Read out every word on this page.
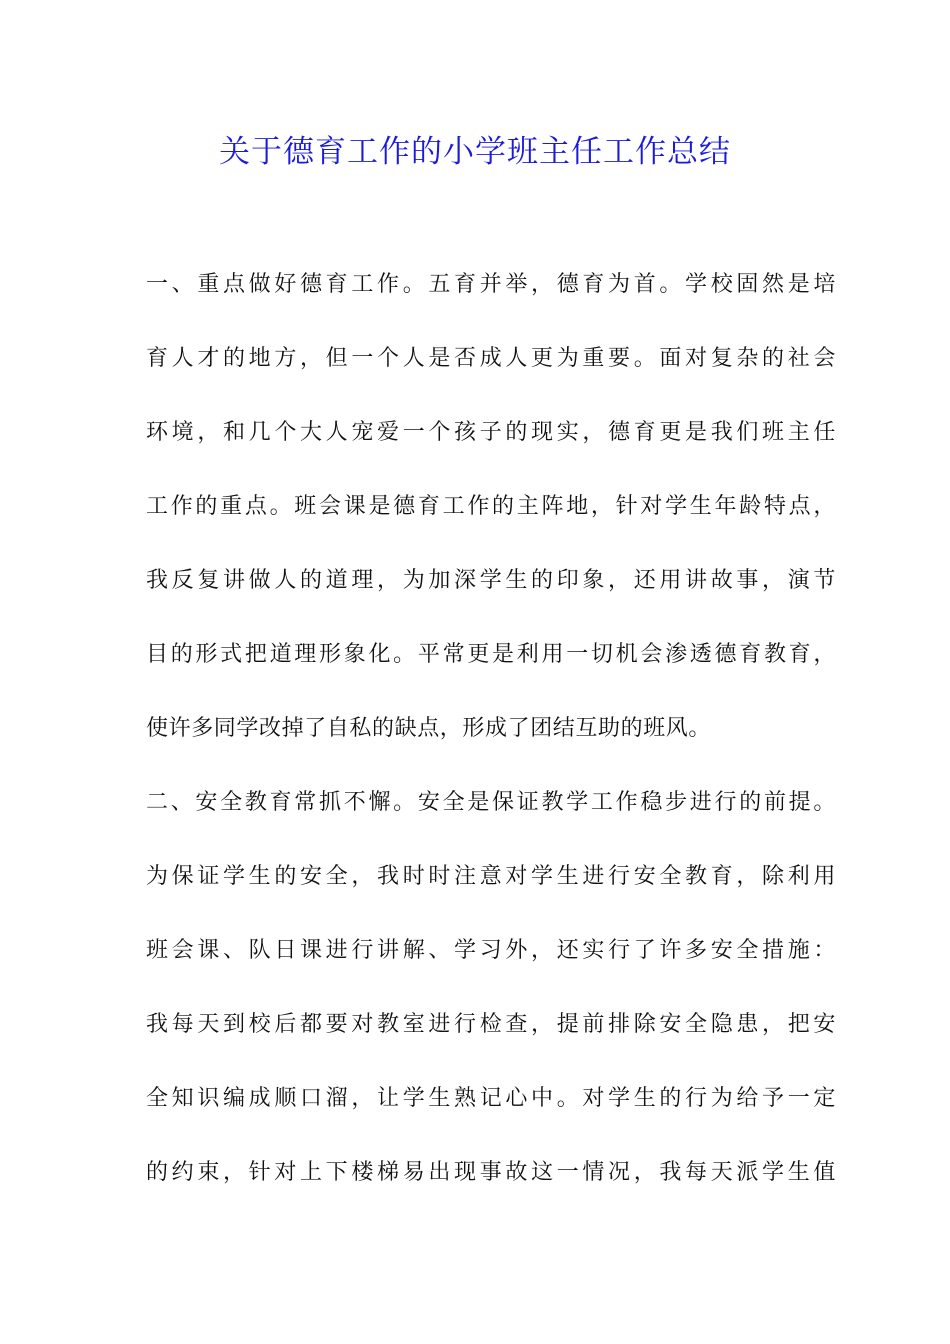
关于德育工作的小学班主任工作总结
一、重点做好德育工作。五育并举，德育为首。学校固然是培
育人才的地方，但一个人是否成人更为重要。面对复杂的社会
环境，和几个大人宠爱一个孩子的现实，德育更是我们班主任
工作的重点。班会课是德育工作的主阵地，针对学生年龄特点，
我反复讲做人的道理，为加深学生的印象，还用讲故事，演节
目的形式把道理形象化。平常更是利用一切机会渗透德育教育，
使许多同学改掉了自私的缺点，形成了团结互助的班风。
二、安全教育常抓不懈。安全是保证教学工作稳步进行的前提。
为保证学生的安全，我时时注意对学生进行安全教育，除利用
班会课、队日课进行讲解、学习外，还实行了许多安全措施：
我每天到校后都要对教室进行检查，提前排除安全隐患，把安
全知识编成顺口溜，让学生熟记心中。对学生的行为给予一定
的约束，针对上下楼梯易出现事故这一情况，我每天派学生值
